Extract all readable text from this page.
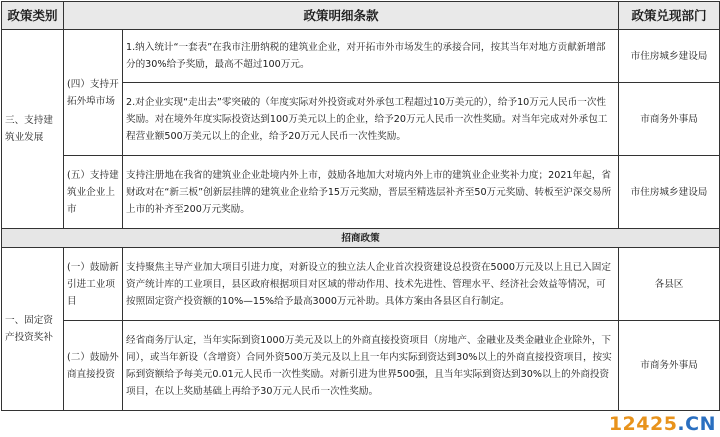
政策类别	政策明细条款		政策兑现部门
三、支持建筑业发展	(四）支持开拓外埠市场	1.纳入统计“一套表”在我市注册纳税的建筑业企业，对开拓市外市场发生的承接合同，按其当年对地方贡献新增部分的30%给予奖励，最高不超过100万元。	市住房城乡建设局
		2.对企业实现“走出去”零突破的（年度实际对外投资或对外承包工程超过10万美元的），给予10万元人民币一次性奖励。对在境外年度实际投资达到100万美元以上的企业，给予20万元人民币一次性奖励。对当年完成对外承包工程营业额500万美元以上的企业，给予20万元人民币一次性奖励。	市商务外事局
	(五）支持建筑业企业上市	支持注册地在我省的建筑业企业赴境内外上市，鼓励各地加大对境内外上市的建筑业企业奖补力度；2021年起，省财政对在“新三板”创新层挂牌的建筑业企业给予15万元奖励，晋层至精选层补齐至50万元奖励、转板至沪深交易所上市的补齐至200万元奖励。	市住房城乡建设局
招商政策			
一、固定资产投资奖补	(一）鼓励新引进工业项目	支持聚焦主导产业加大项目引进力度，对新设立的独立法人企业首次投资建设总投资在5000万元及以上且已入固定资产统计库的工业项目，县区政府根据项目对区域的带动作用、技术先进性、管理水平、经济社会效益等情况，可按照固定资产投资额的10%—15%给予最高3000万元补助。具体方案由各县区自行制定。	各县区
	(二）鼓励外商直接投资	经省商务厅认定，当年实际到资1000万美元及以上的外商直接投资项目（房地产、金融业及类金融业企业除外，下同），或当年新设（含增资）合同外资500万美元及以上且一年内实际到资达到30%以上的外商直接投资项目，按实际到资额给予每美元0.01元人民币一次性奖励。对新引进为世界500强，且当年实际到资达到30%以上的外商投资项目，在以上奖励基础上再给予30万元人民币一次性奖励。	市商务外事局
12425.CN
